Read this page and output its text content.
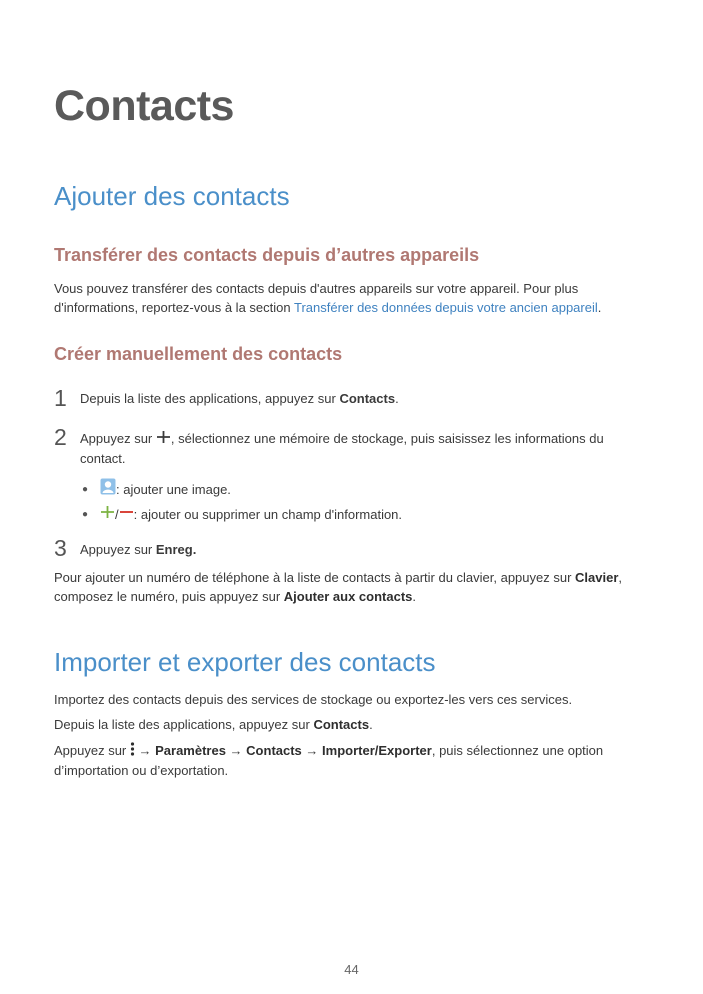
Contacts
Ajouter des contacts
Transférer des contacts depuis d’autres appareils
Vous pouvez transférer des contacts depuis d'autres appareils sur votre appareil. Pour plus d'informations, reportez-vous à la section Transférer des données depuis votre ancien appareil.
Créer manuellement des contacts
1 Depuis la liste des applications, appuyez sur Contacts.
2 Appuyez sur , sélectionnez une mémoire de stockage, puis saisissez les informations du contact.
●	: ajouter une image.
●	/ : ajouter ou supprimer un champ d'information.
3 Appuyez sur Enreg.
Pour ajouter un numéro de téléphone à la liste de contacts à partir du clavier, appuyez sur Clavier, composez le numéro, puis appuyez sur Ajouter aux contacts.
Importer et exporter des contacts
Importez des contacts depuis des services de stockage ou exportez-les vers ces services.
Depuis la liste des applications, appuyez sur Contacts.
Appuyez sur  → Paramètres → Contacts → Importer/Exporter, puis sélectionnez une option d’importation ou d’exportation.
44
